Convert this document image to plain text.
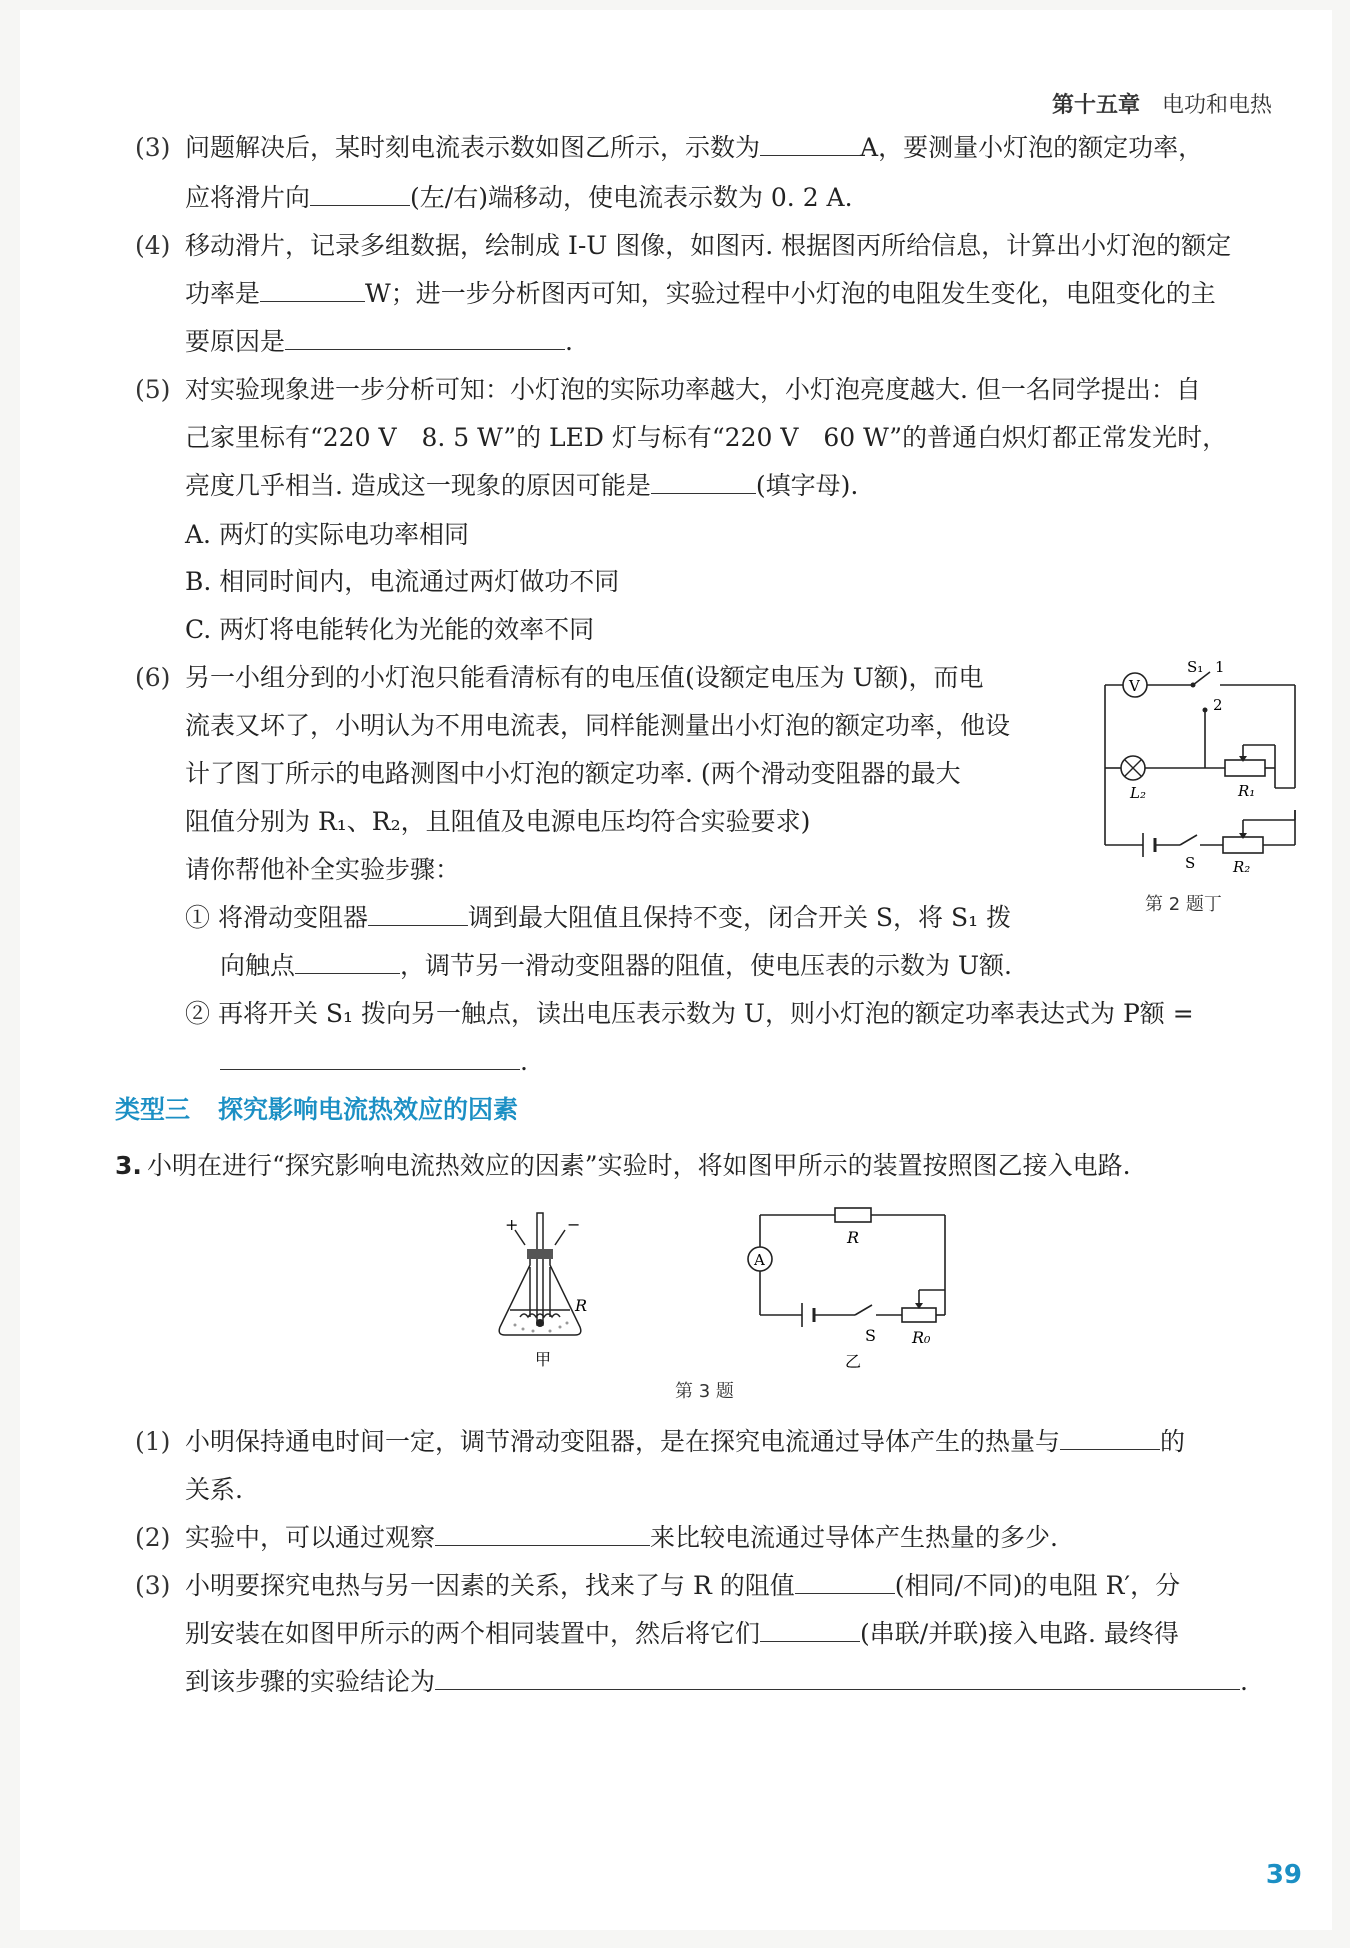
第十五章 电功和电热
(3) 问题解决后，某时刻电流表示数如图乙所示，示数为	A，要测量小灯泡的额定功率，
应将滑片向	(左/右)端移动，使电流表示数为 0. 2 A.
(4) 移动滑片，记录多组数据，绘制成 I-U 图像，如图丙. 根据图丙所给信息，计算出小灯泡的额定
功率是	W；进一步分析图丙可知，实验过程中小灯泡的电阻发生变化，电阻变化的主
要原因是	.
(5) 对实验现象进一步分析可知：小灯泡的实际功率越大，小灯泡亮度越大. 但一名同学提出：自
己家里标有“220 V　8. 5 W”的 LED 灯与标有“220 V　60 W”的普通白炽灯都正常发光时，
亮度几乎相当. 造成这一现象的原因可能是	(填字母).
A. 两灯的实际电功率相同
B. 相同时间内，电流通过两灯做功不同
C. 两灯将电能转化为光能的效率不同
(6) 另一小组分到的小灯泡只能看清标有的电压值(设额定电压为 U额)，而电
流表又坏了，小明认为不用电流表，同样能测量出小灯泡的额定功率，他设
计了图丁所示的电路测图中小灯泡的额定功率. (两个滑动变阻器的最大
阻值分别为 R₁、R₂，且阻值及电源电压均符合实验要求)
请你帮他补全实验步骤：
① 将滑动变阻器	调到最大阻值且保持不变，闭合开关 S，将 S₁ 拨
向触点	，调节另一滑动变阻器的阻值，使电压表的示数为 U额.
② 再将开关 S₁ 拨向另一触点，读出电压表示数为 U，则小灯泡的额定功率表达式为 P额 =
.
V
S₁ 1
2
L₂	R₁
S	R₂
第 2 题丁
类型三 探究影响电流热效应的因素
3. 小明在进行“探究影响电流热效应的因素”实验时，将如图甲所示的装置按照图乙接入电路.
+	−
R
甲
A
R
S R₀
乙
第 3 题
(1) 小明保持通电时间一定，调节滑动变阻器，是在探究电流通过导体产生的热量与	的
关系.
(2) 实验中，可以通过观察	来比较电流通过导体产生热量的多少.
(3) 小明要探究电热与另一因素的关系，找来了与 R 的阻值	(相同/不同)的电阻 R′，分
别安装在如图甲所示的两个相同装置中，然后将它们	(串联/并联)接入电路. 最终得
到该步骤的实验结论为	.
39
